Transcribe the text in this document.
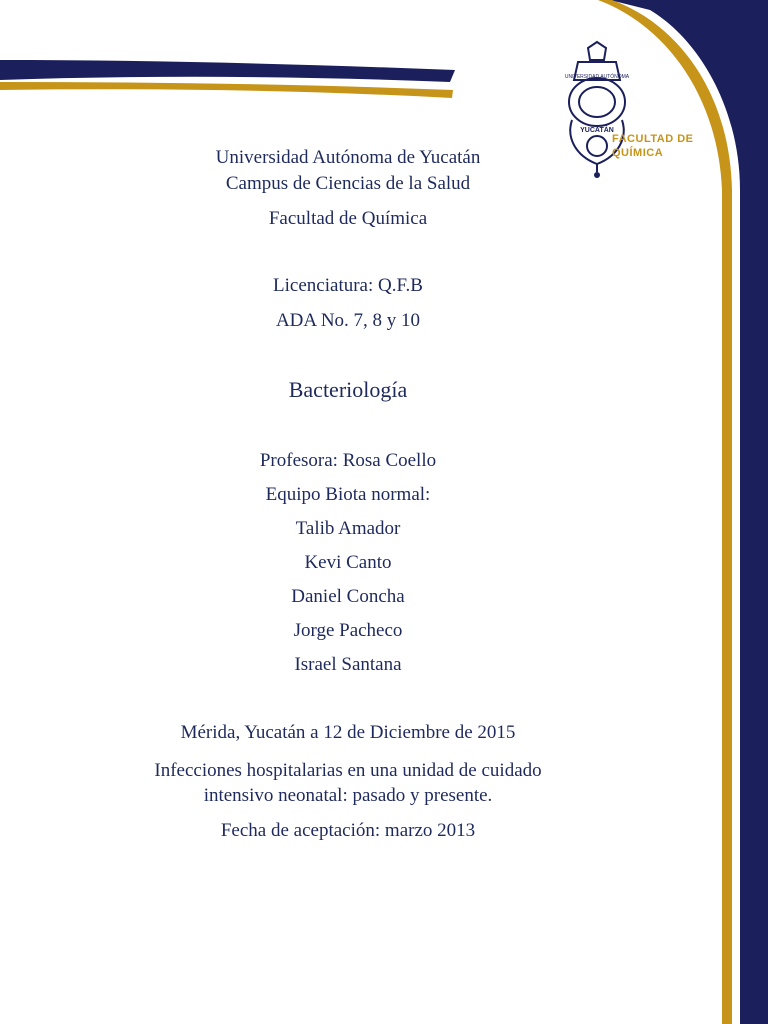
UNIVERSIDAD AUTÓNOMA
YUCATÁN
FACULTAD DE
QUÍMICA
Universidad Autónoma de Yucatán
Campus de Ciencias de la Salud
Facultad de Química
Licenciatura: Q.F.B
ADA No. 7, 8 y 10
Bacteriología
Profesora: Rosa Coello
Equipo Biota normal:
Talib Amador
Kevi Canto
Daniel Concha
Jorge Pacheco
Israel Santana
Mérida, Yucatán a 12 de Diciembre de 2015
Infecciones hospitalarias en una unidad de cuidado
intensivo neonatal: pasado y presente.
Fecha de aceptación: marzo 2013
